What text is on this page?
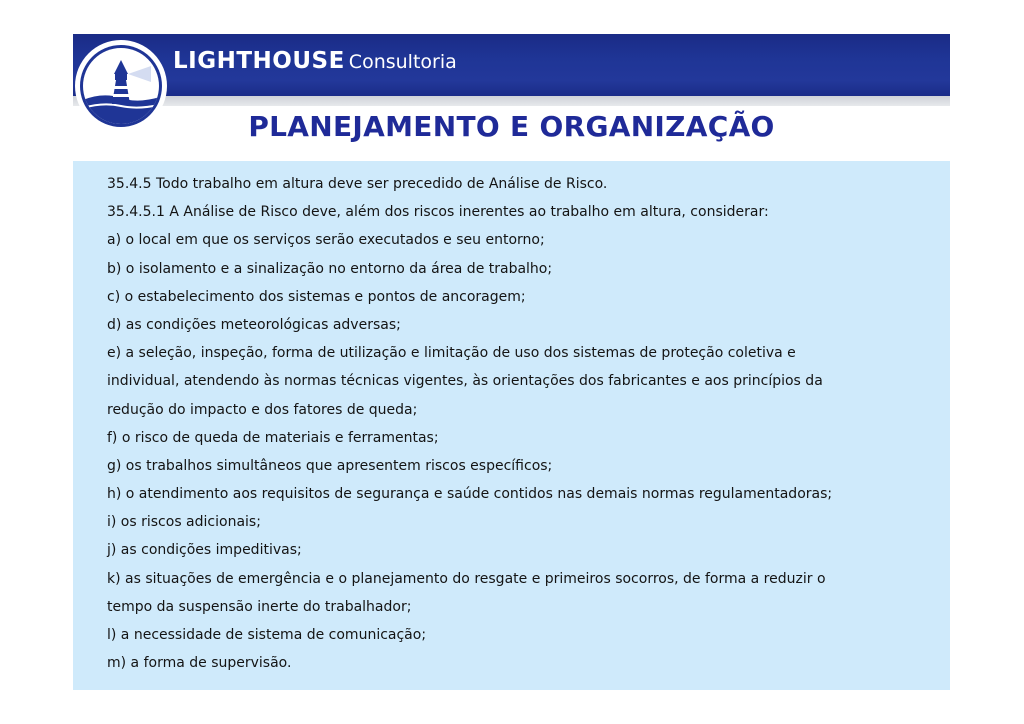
LIGHTHOUSE Consultoria
PLANEJAMENTO E ORGANIZAÇÃO
35.4.5 Todo trabalho em altura deve ser precedido de Análise de Risco.
35.4.5.1 A Análise de Risco deve, além dos riscos inerentes ao trabalho em altura, considerar:
a) o local em que os serviços serão executados e seu entorno;
b) o isolamento e a sinalização no entorno da área de trabalho;
c) o estabelecimento dos sistemas e pontos de ancoragem;
d) as condições meteorológicas adversas;
e) a seleção, inspeção, forma de utilização e limitação de uso dos sistemas de proteção coletiva e
individual, atendendo às normas técnicas vigentes, às orientações dos fabricantes e aos princípios da
redução do impacto e dos fatores de queda;
f) o risco de queda de materiais e ferramentas;
g) os trabalhos simultâneos que apresentem riscos específicos;
h) o atendimento aos requisitos de segurança e saúde contidos nas demais normas regulamentadoras;
i) os riscos adicionais;
j) as condições impeditivas;
k) as situações de emergência e o planejamento do resgate e primeiros socorros, de forma a reduzir o
tempo da suspensão inerte do trabalhador;
l) a necessidade de sistema de comunicação;
m) a forma de supervisão.
